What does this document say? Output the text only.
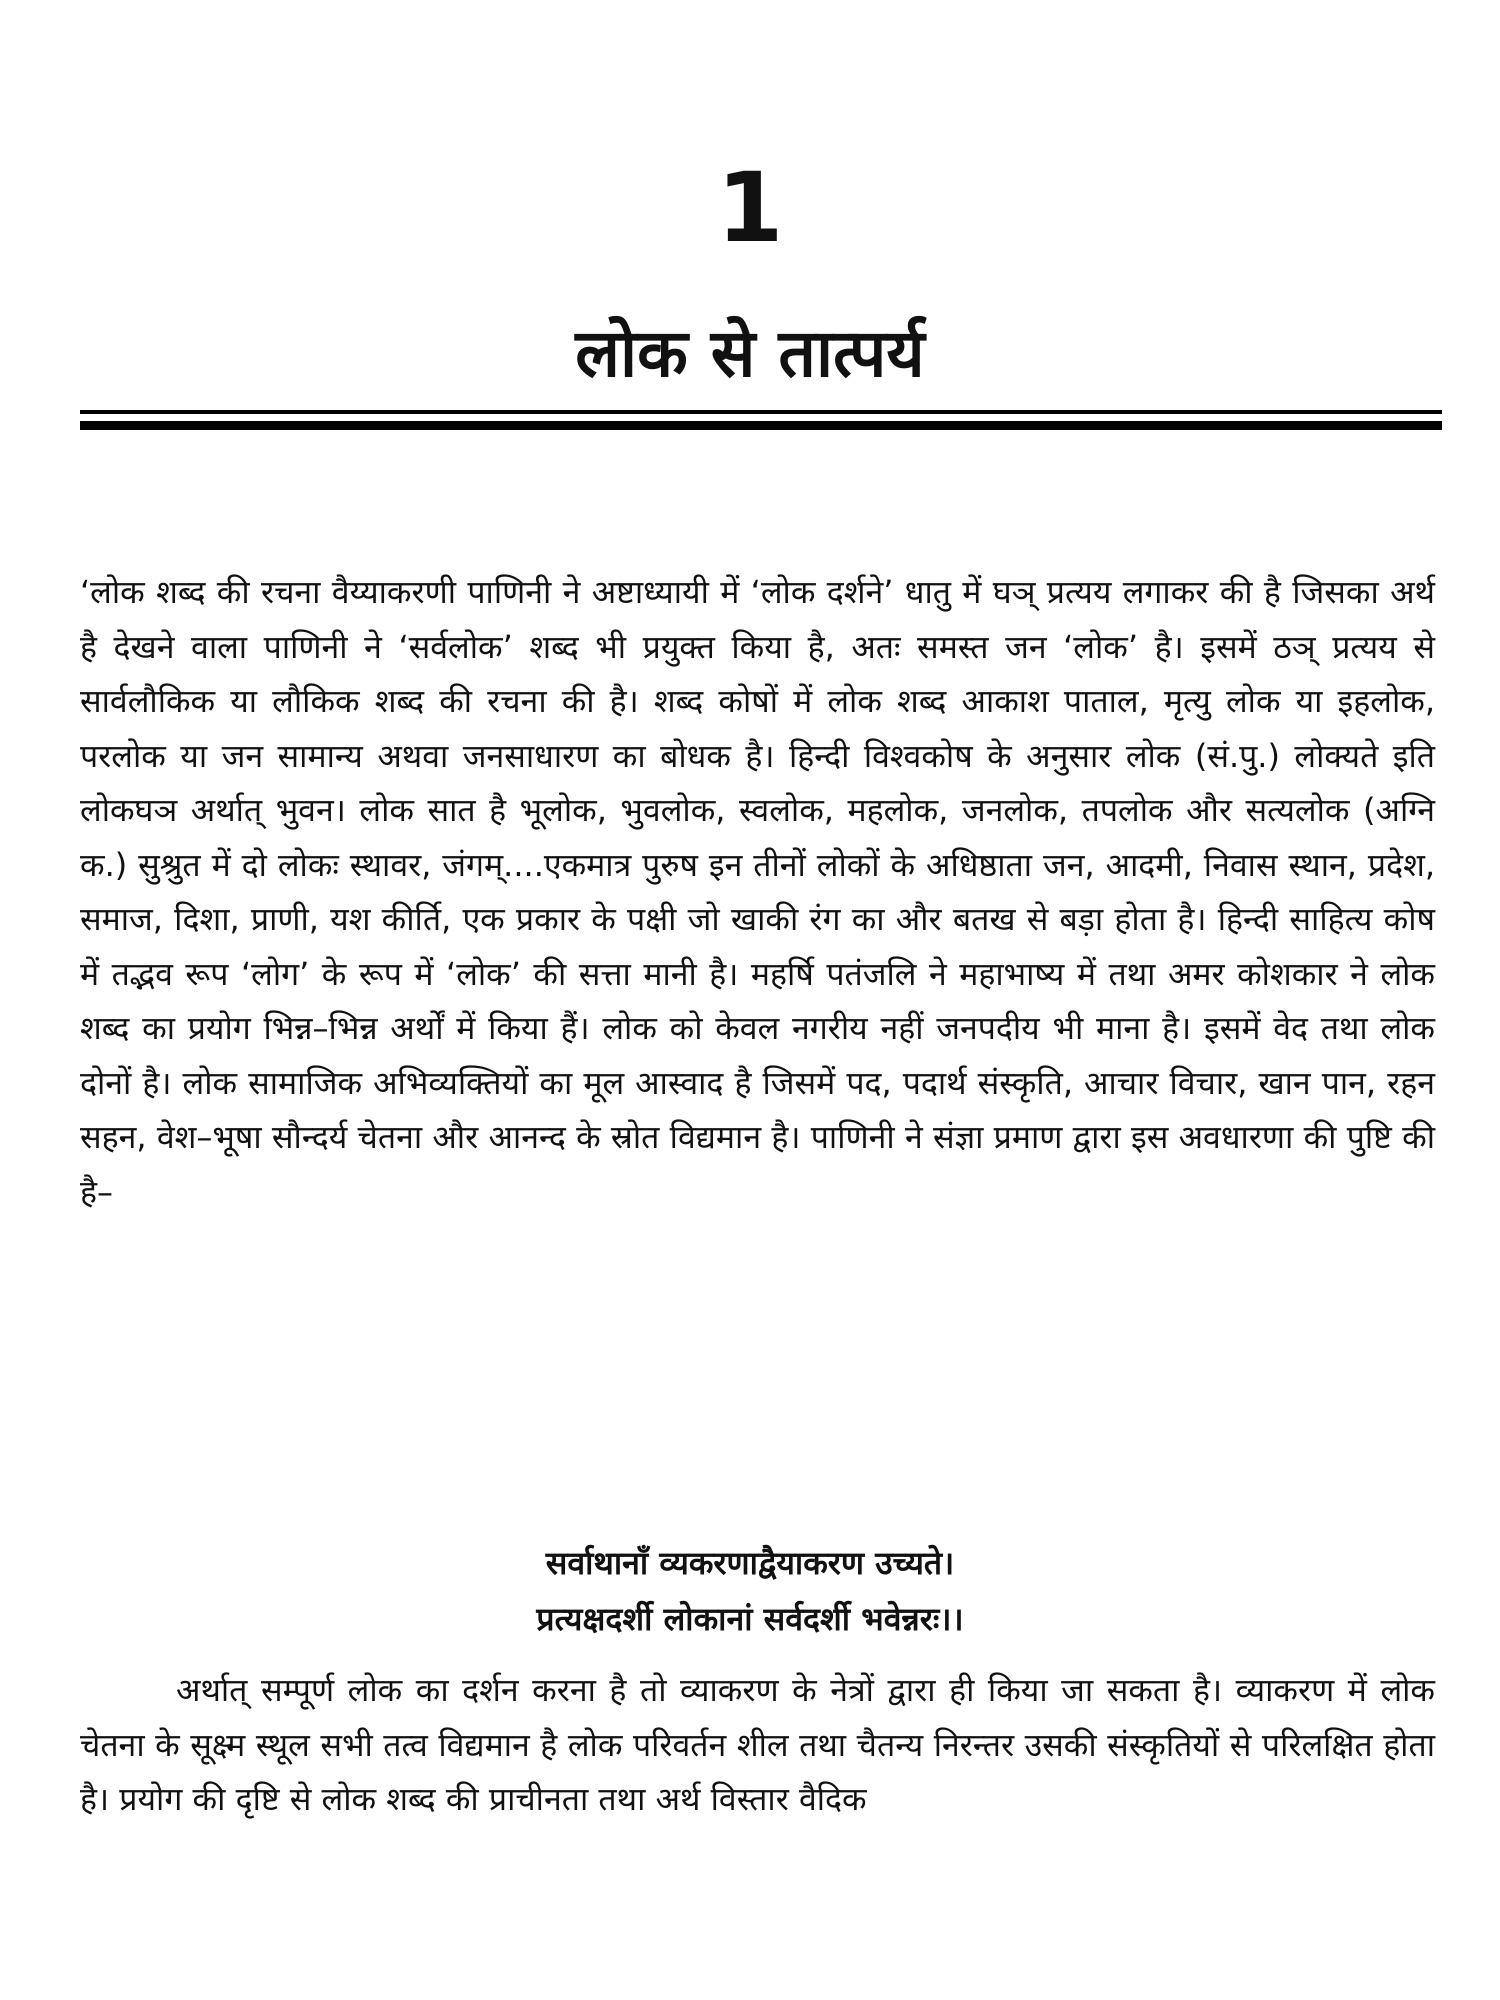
1
लोक से तात्पर्य

‘लोक शब्द की रचना वैय्याकरणी पाणिनी ने अष्टाध्यायी में ‘लोक दर्शने’ धातु में घञ् प्रत्यय लगाकर की है जिसका अर्थ है देखने वाला पाणिनी ने ‘सर्वलोक’ शब्द भी प्रयुक्त किया है, अतः समस्त जन ‘लोक’ है। इसमें ठञ् प्रत्यय से सार्वलौकिक या लौकिक शब्द की रचना की है। शब्द कोषों में लोक शब्द आकाश पाताल, मृत्यु लोक या इहलोक, परलोक या जन सामान्य अथवा जनसाधारण का बोधक है। हिन्दी विश्वकोष के अनुसार लोक (सं.पु.) लोक्यते इति लोकघञ अर्थात् भुवन। लोक सात है भूलोक, भुवलोक, स्वलोक, महलोक, जनलोक, तपलोक और सत्यलोक (अग्नि क.) सुश्रुत में दो लोकः स्थावर, जंगम्....एकमात्र पुरुष इन तीनों लोकों के अधिष्ठाता जन, आदमी, निवास स्थान, प्रदेश, समाज, दिशा, प्राणी, यश कीर्ति, एक प्रकार के पक्षी जो खाकी रंग का और बतख से बड़ा होता है। हिन्दी साहित्य कोष में तद्भव रूप ‘लोग’ के रूप में ‘लोक’ की सत्ता मानी है। महर्षि पतंजलि ने महाभाष्य में तथा अमर कोशकार ने लोक शब्द का प्रयोग भिन्न–भिन्न अर्थों में किया हैं। लोक को केवल नगरीय नहीं जनपदीय भी माना है। इसमें वेद तथा लोक दोनों है। लोक सामाजिक अभिव्यक्तियों का मूल आस्वाद है जिसमें पद, पदार्थ संस्कृति, आचार विचार, खान पान, रहन सहन, वेश–भूषा सौन्दर्य चेतना और आनन्द के स्रोत विद्यमान है। पाणिनी ने संज्ञा प्रमाण द्वारा इस अवधारणा की पुष्टि की है–

सर्वाथानाँ व्यकरणाद्वैयाकरण उच्यते।
प्रत्यक्षदर्शी लोकानां सर्वदर्शी भवेन्नरः।।

अर्थात् सम्पूर्ण लोक का दर्शन करना है तो व्याकरण के नेत्रों द्वारा ही किया जा सकता है। व्याकरण में लोक चेतना के सूक्ष्म स्थूल सभी तत्व विद्यमान है लोक परिवर्तन शील तथा चैतन्य निरन्तर उसकी संस्कृतियों से परिलक्षित होता है। प्रयोग की दृष्टि से लोक शब्द की प्राचीनता तथा अर्थ विस्तार वैदिक
